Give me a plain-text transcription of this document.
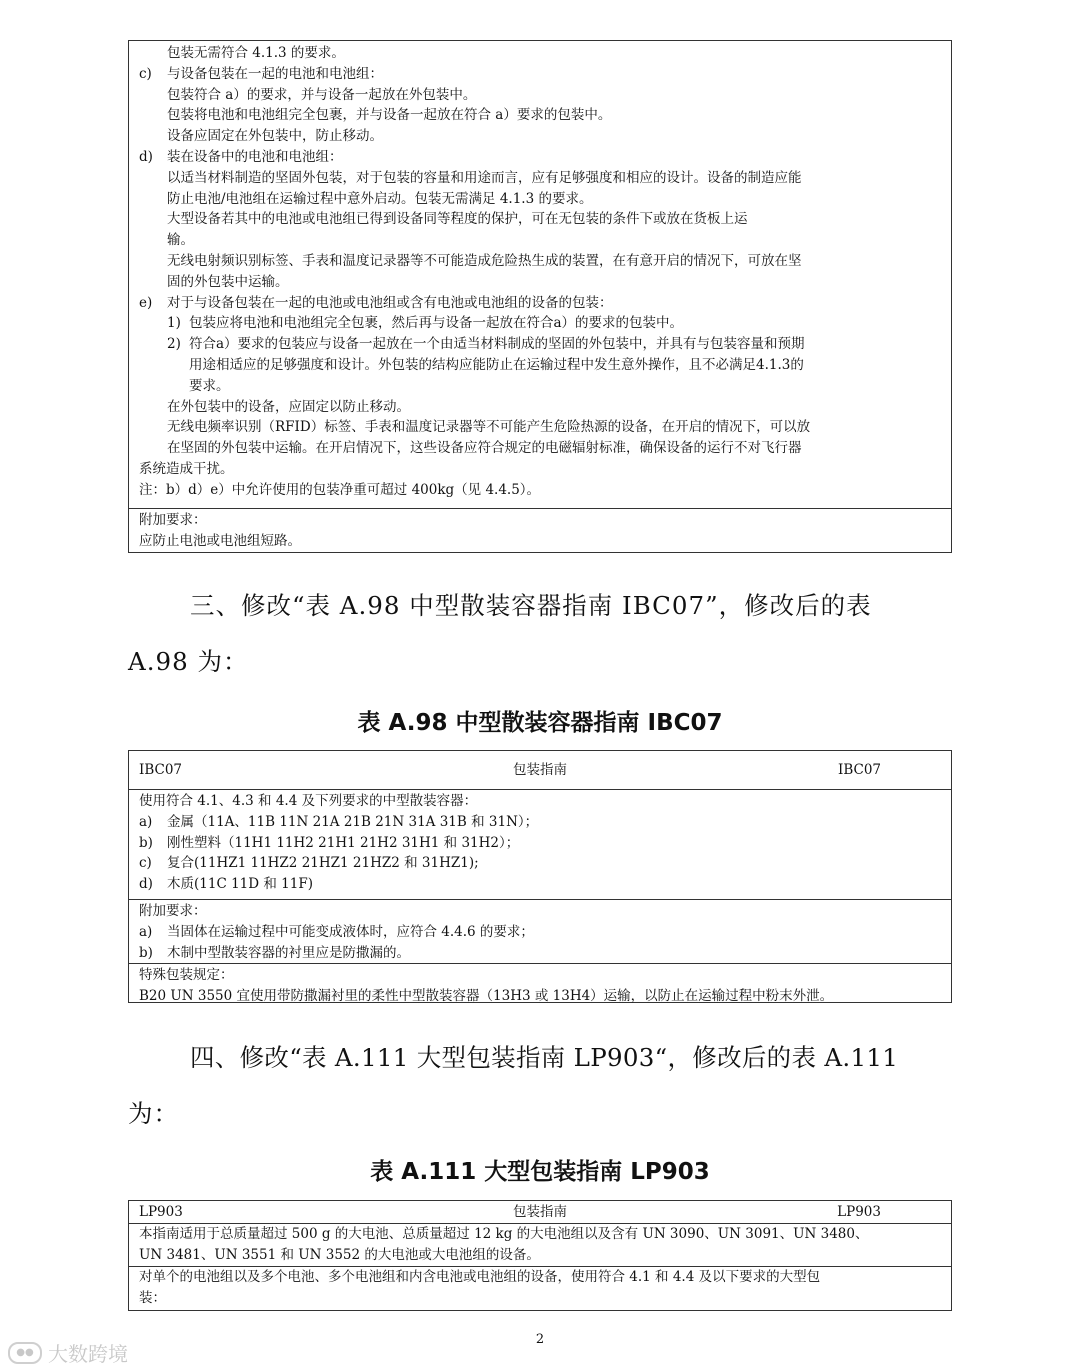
包装无需符合 4.1.3 的要求。
c)	与设备包装在一起的电池和电池组：
包装符合 a）的要求，并与设备一起放在外包装中。
包装将电池和电池组完全包裹，并与设备一起放在符合 a）要求的包装中。
设备应固定在外包装中，防止移动。
d)	装在设备中的电池和电池组：
以适当材料制造的坚固外包装，对于包装的容量和用途而言，应有足够强度和相应的设计。设备的制造应能
防止电池/电池组在运输过程中意外启动。包装无需满足 4.1.3 的要求。
大型设备若其中的电池或电池组已得到设备同等程度的保护，可在无包装的条件下或放在货板上运
输。
无线电射频识别标签、手表和温度记录器等不可能造成危险热生成的装置，在有意开启的情况下，可放在坚
固的外包装中运输。
e)	对于与设备包装在一起的电池或电池组或含有电池或电池组的设备的包装：
1) 包装应将电池和电池组完全包裹，然后再与设备一起放在符合a）的要求的包装中。
2) 符合a）要求的包装应与设备一起放在一个由适当材料制成的坚固的外包装中，并具有与包装容量和预期
用途相适应的足够强度和设计。外包装的结构应能防止在运输过程中发生意外操作，且不必满足4.1.3的
要求。
在外包装中的设备，应固定以防止移动。
无线电频率识别（RFID）标签、手表和温度记录器等不可能产生危险热源的设备，在开启的情况下，可以放
在坚固的外包装中运输。在开启情况下，这些设备应符合规定的电磁辐射标准，确保设备的运行不对飞行器
系统造成干扰。
注：b）d）e）中允许使用的包装净重可超过 400kg（见 4.4.5）。
附加要求：
应防止电池或电池组短路。
三、修改“表 A.98 中型散装容器指南 IBC07”，修改后的表
A.98 为：
表 A.98 中型散装容器指南 IBC07
IBC07	包装指南	IBC07
使用符合 4.1、4.3 和 4.4 及下列要求的中型散装容器：
a)	金属（11A、11B 11N 21A 21B 21N 31A 31B 和 31N）；
b)	刚性塑料（11H1 11H2 21H1 21H2 31H1 和 31H2）；
c)	复合(11HZ1 11HZ2 21HZ1 21HZ2 和 31HZ1);
d)	木质(11C 11D 和 11F)
附加要求：
a)	当固体在运输过程中可能变成液体时，应符合 4.4.6 的要求；
b)	木制中型散装容器的衬里应是防撒漏的。
特殊包装规定：
B20 UN 3550 宜使用带防撒漏衬里的柔性中型散装容器（13H3 或 13H4）运输，以防止在运输过程中粉末外泄。
四、修改“表 A.111 大型包装指南 LP903“，修改后的表 A.111
为：
表 A.111 大型包装指南 LP903
LP903	包装指南	LP903
本指南适用于总质量超过 500 g 的大电池、总质量超过 12 kg 的大电池组以及含有 UN 3090、UN 3091、UN 3480、
UN 3481、UN 3551 和 UN 3552 的大电池或大电池组的设备。
对单个的电池组以及多个电池、多个电池组和内含电池或电池组的设备，使用符合 4.1 和 4.4 及以下要求的大型包
装：
2
●● 大数跨境
